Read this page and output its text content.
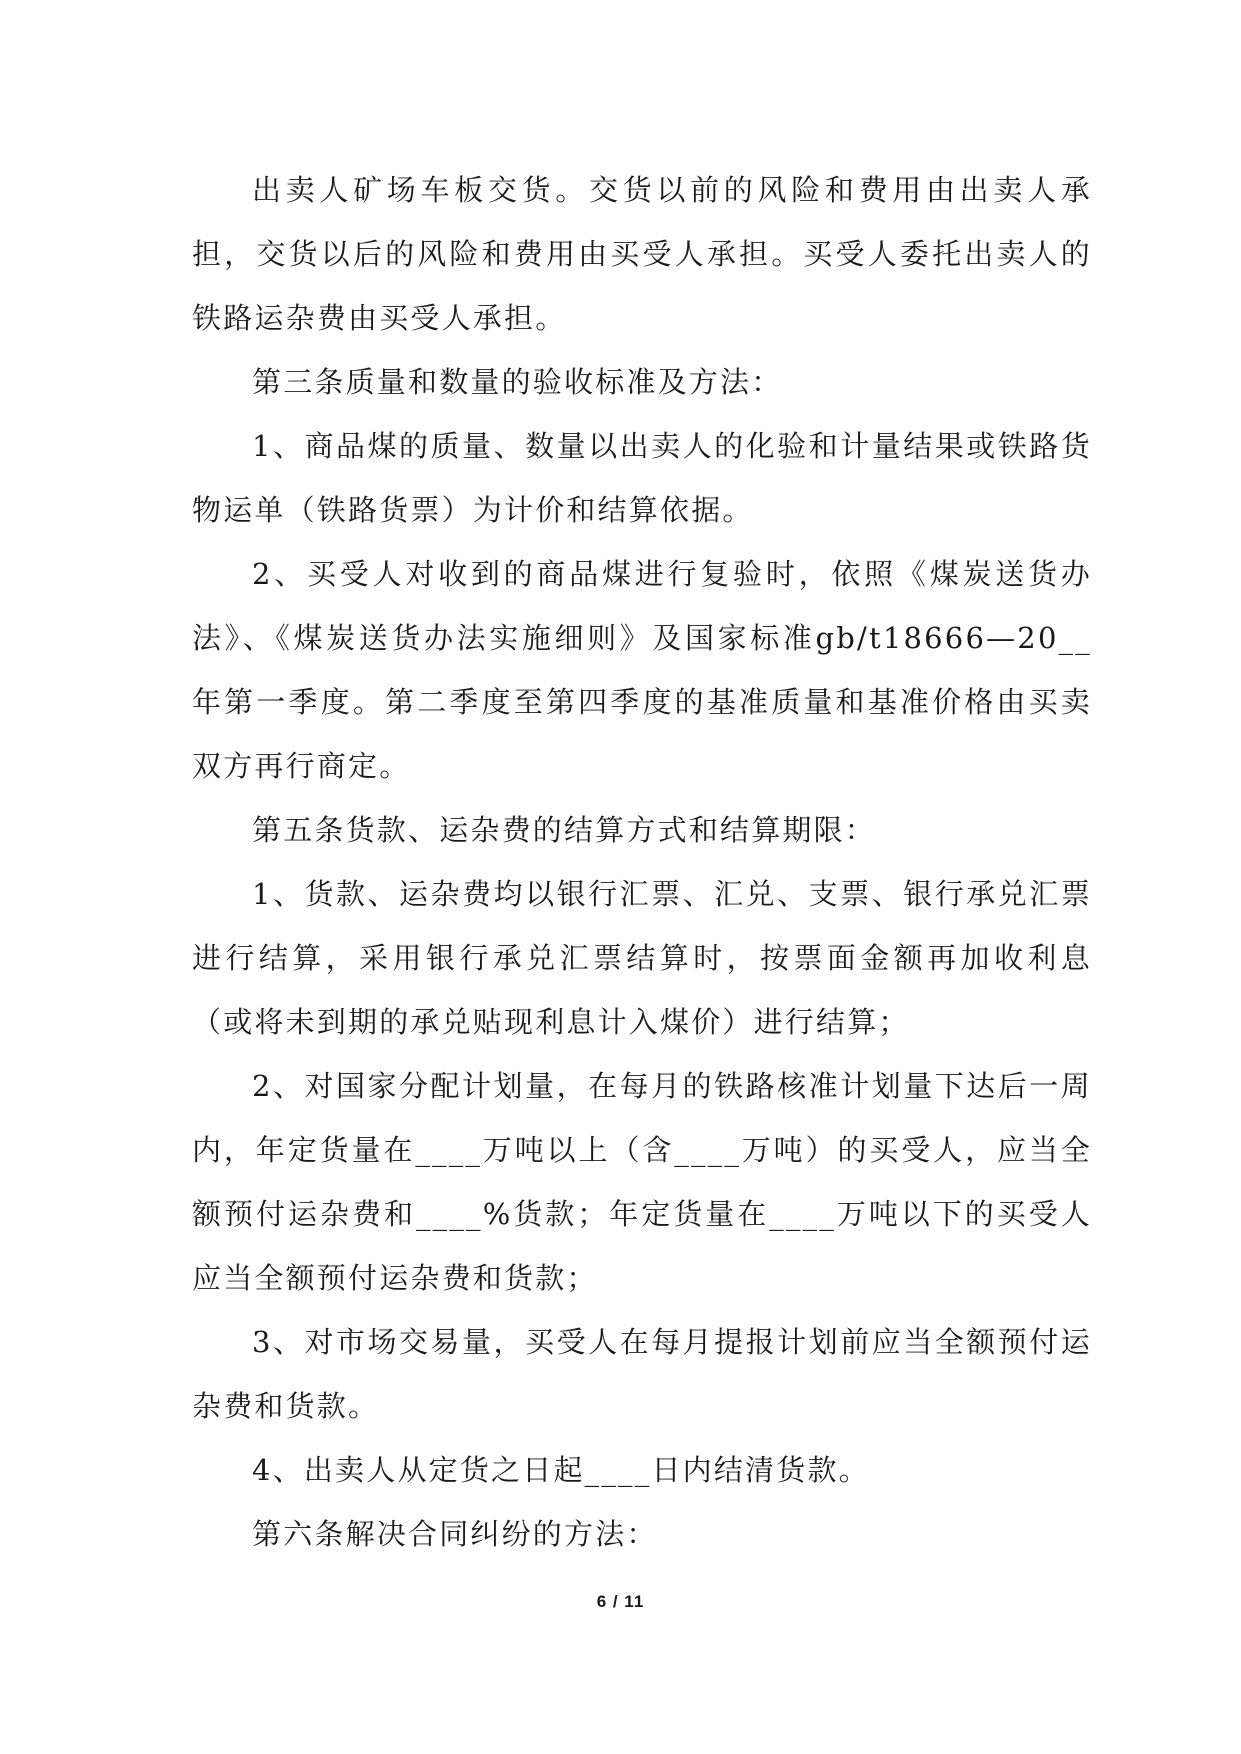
出卖人矿场车板交货。交货以前的风险和费用由出卖人承担，交货以后的风险和费用由买受人承担。买受人委托出卖人的铁路运杂费由买受人承担。

第三条质量和数量的验收标准及方法：

1、商品煤的质量、数量以出卖人的化验和计量结果或铁路货物运单（铁路货票）为计价和结算依据。

2、买受人对收到的商品煤进行复验时，依照《煤炭送货办法》、《煤炭送货办法实施细则》及国家标准gb/t18666—20__年第一季度。第二季度至第四季度的基准质量和基准价格由买卖双方再行商定。

第五条货款、运杂费的结算方式和结算期限：

1、货款、运杂费均以银行汇票、汇兑、支票、银行承兑汇票进行结算，采用银行承兑汇票结算时，按票面金额再加收利息（或将未到期的承兑贴现利息计入煤价）进行结算；

2、对国家分配计划量，在每月的铁路核准计划量下达后一周内，年定货量在____万吨以上（含____万吨）的买受人，应当全额预付运杂费和____%货款；年定货量在____万吨以下的买受人应当全额预付运杂费和货款；

3、对市场交易量，买受人在每月提报计划前应当全额预付运杂费和货款。

4、出卖人从定货之日起____日内结清货款。

第六条解决合同纠纷的方法：

6 / 11
